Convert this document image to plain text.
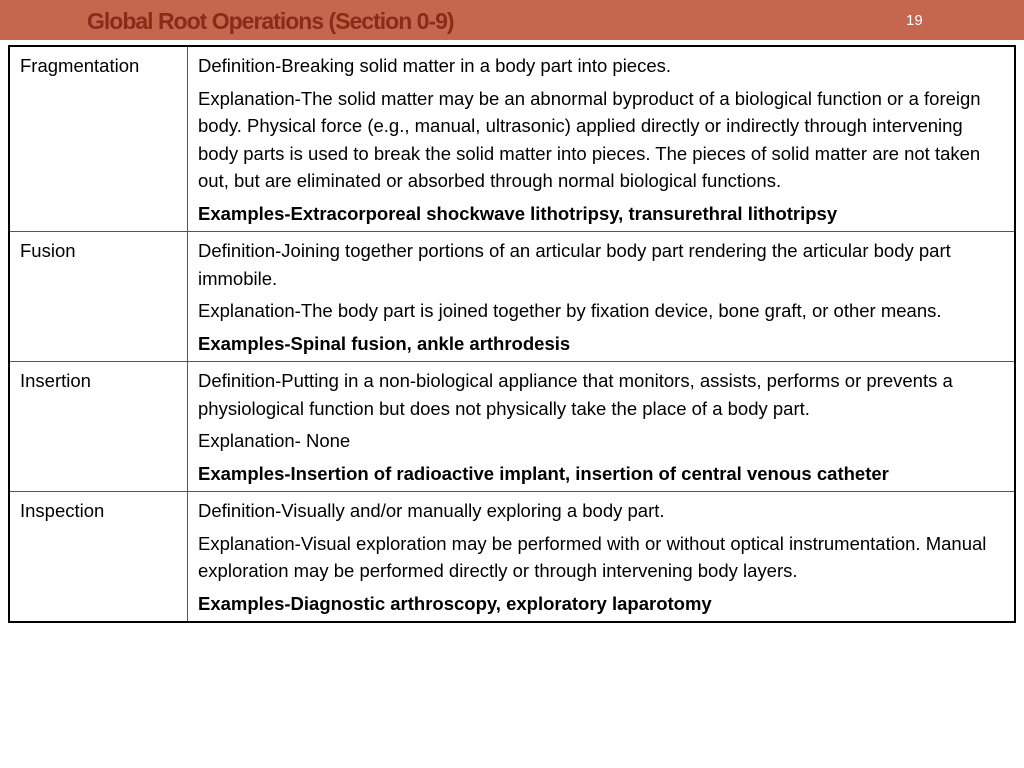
Global Root Operations (Section 0-9)	19
Fragmentation	Definition-Breaking solid matter in a body part into pieces.

Explanation-The solid matter may be an abnormal byproduct of a biological function or a foreign body. Physical force (e.g., manual, ultrasonic) applied directly or indirectly through intervening body parts is used to break the solid matter into pieces. The pieces of solid matter are not taken out, but are eliminated or absorbed through normal biological functions.

Examples-Extracorporeal shockwave lithotripsy, transurethral lithotripsy

Fusion	Definition-Joining together portions of an articular body part rendering the articular body part immobile.

Explanation-The body part is joined together by fixation device, bone graft, or other means.

Examples-Spinal fusion, ankle arthrodesis

Insertion	Definition-Putting in a non-biological appliance that monitors, assists, performs or prevents a physiological function but does not physically take the place of a body part.

Explanation- None

Examples-Insertion of radioactive implant, insertion of central venous catheter

Inspection	Definition-Visually and/or manually exploring a body part.

Explanation-Visual exploration may be performed with or without optical instrumentation. Manual exploration may be performed directly or through intervening body layers.

Examples-Diagnostic arthroscopy, exploratory laparotomy
